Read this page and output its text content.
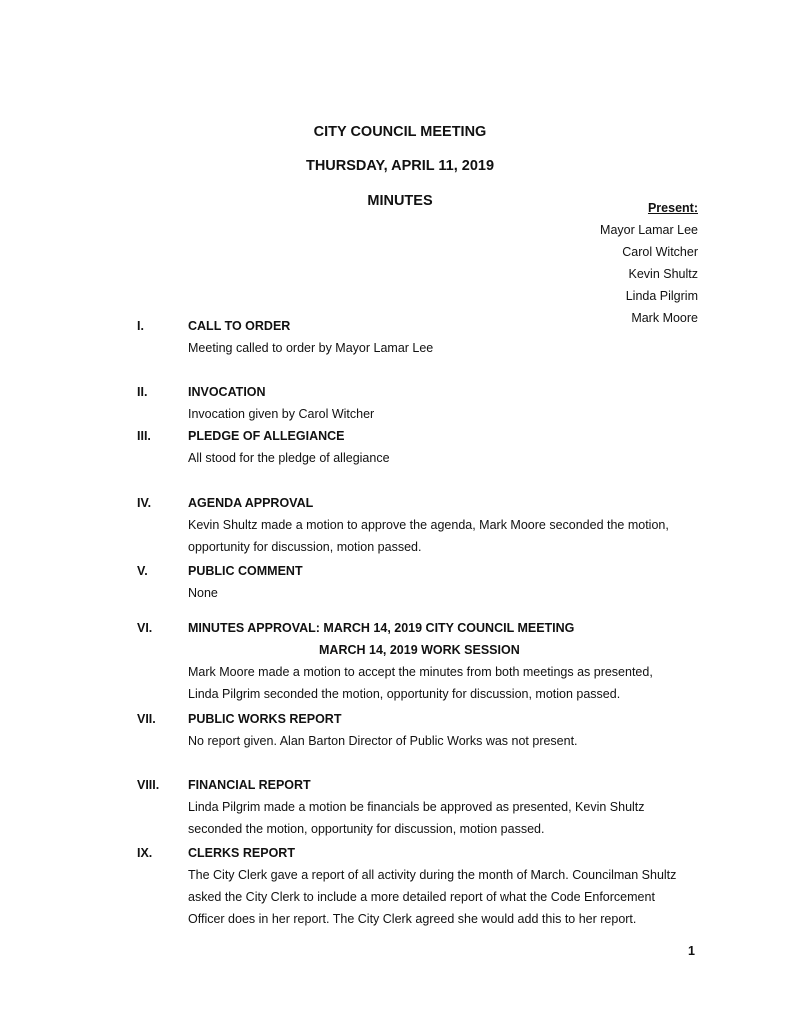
CITY COUNCIL MEETING
THURSDAY, APRIL 11, 2019
MINUTES	Present:
Mayor Lamar Lee
Carol Witcher
Kevin Shultz
Linda Pilgrim
Mark Moore
I.	CALL TO ORDER
Meeting called to order by Mayor Lamar Lee
II.	INVOCATION
Invocation given by Carol Witcher
III.	PLEDGE OF ALLEGIANCE
All stood for the pledge of allegiance
IV.	AGENDA APPROVAL
Kevin Shultz made a motion to approve the agenda, Mark Moore seconded the motion,
opportunity for discussion, motion passed.
V.	PUBLIC COMMENT
None
VI.	MINUTES APPROVAL: MARCH 14, 2019 CITY COUNCIL MEETING
MARCH 14, 2019 WORK SESSION
Mark Moore made a motion to accept the minutes from both meetings as presented,
Linda Pilgrim seconded the motion, opportunity for discussion, motion passed.
VII.	PUBLIC WORKS REPORT
No report given. Alan Barton Director of Public Works was not present.
VIII. FINANCIAL REPORT
Linda Pilgrim made a motion be financials be approved as presented, Kevin Shultz
seconded the motion, opportunity for discussion, motion passed.
IX.	CLERKS REPORT
The City Clerk gave a report of all activity during the month of March. Councilman Shultz
asked the City Clerk to include a more detailed report of what the Code Enforcement
Officer does in her report. The City Clerk agreed she would add this to her report.
1
